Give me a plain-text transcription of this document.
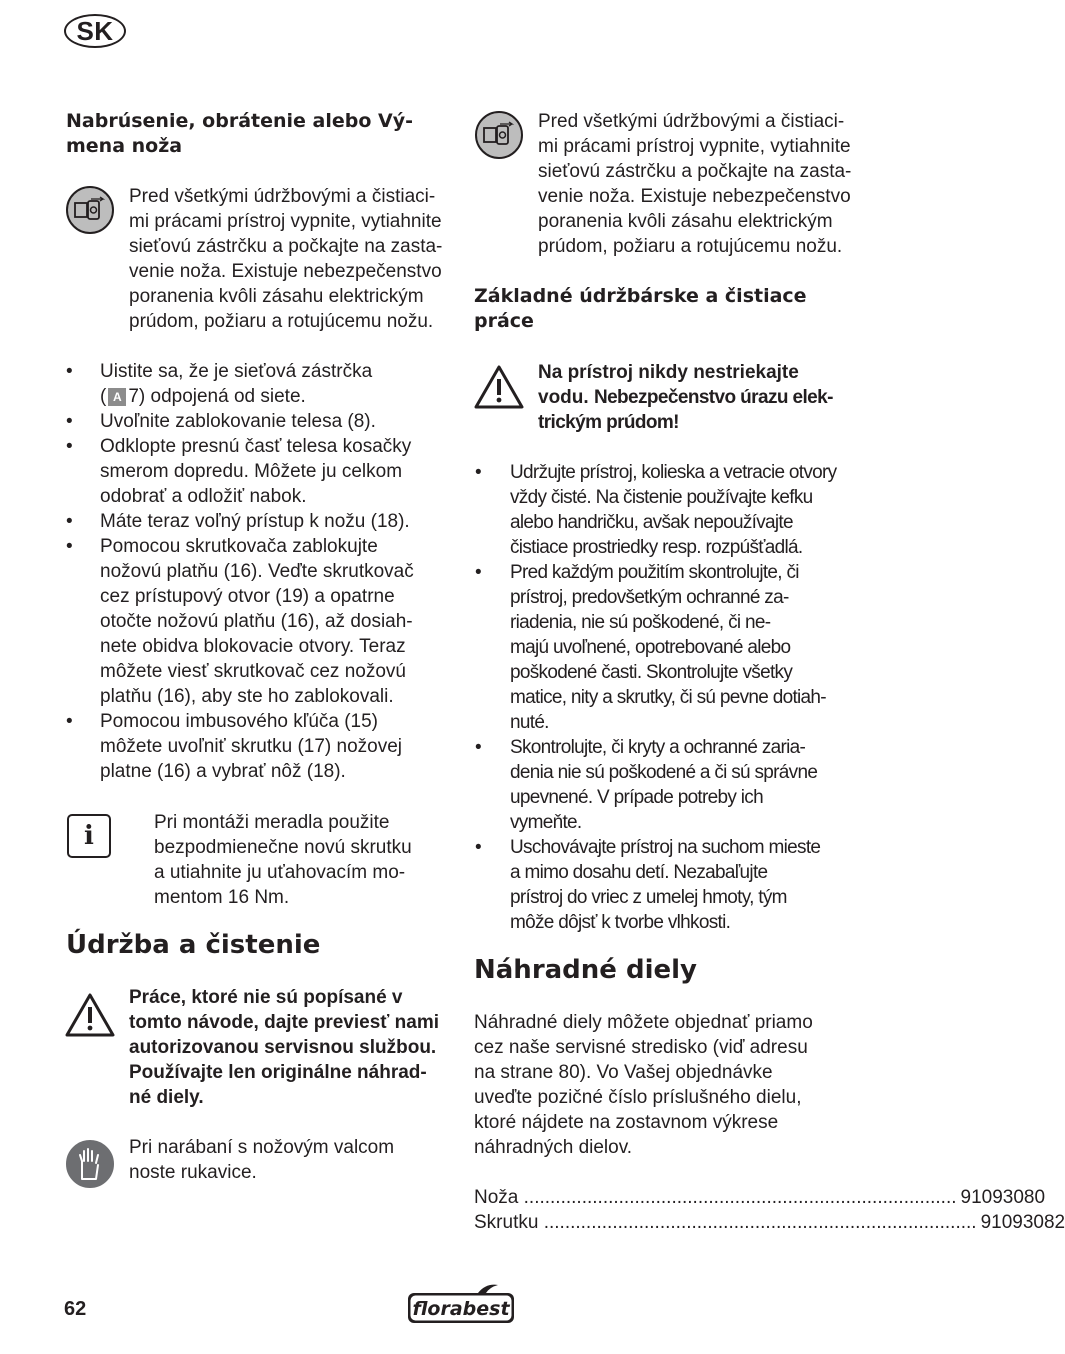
SK
Nabrúsenie, obrátenie alebo Vý-
mena noža
Pred všetkými údržbovými a čistiaci-
mi prácami prístroj vypnite, vytiahnite
sieťovú zástrčku a počkajte na zasta-
venie noža. Existuje nebezpečenstvo
poranenia kvôli zásahu elektrickým
prúdom, požiaru a rotujúcemu nožu.
•	Uistite sa, že je sieťová zástrčka
( A 7) odpojená od siete.
•	Uvoľnite zablokovanie telesa (8).
•	Odklopte presnú časť telesa kosačky
smerom dopredu. Môžete ju celkom
odobrať a odložiť nabok.
•	Máte teraz voľný prístup k nožu (18).
•	Pomocou skrutkovača zablokujte
nožovú platňu (16). Veďte skrutkovač
cez prístupový otvor (19) a opatrne
otočte nožovú platňu (16), až dosiah-
nete obidva blokovacie otvory. Teraz
môžete viesť skrutkovač cez nožovú
platňu (16), aby ste ho zablokovali.
•	Pomocou imbusového kľúča (15)
môžete uvoľniť skrutku (17) nožovej
platne (16) a vybrať nôž (18).
i	Pri montáži meradla použite
bezpodmienečne novú skrutku
a utiahnite ju uťahovacím mo-
mentom 16 Nm.
Údržba a čistenie
Práce, ktoré nie sú popísané v
tomto návode, dajte previesť nami
autorizovanou servisnou službou.
Používajte len originálne náhrad-
né diely.
Pri narábaní s nožovým valcom
noste rukavice.
Pred všetkými údržbovými a čistiaci-
mi prácami prístroj vypnite, vytiahnite
sieťovú zástrčku a počkajte na zasta-
venie noža. Existuje nebezpečenstvo
poranenia kvôli zásahu elektrickým
prúdom, požiaru a rotujúcemu nožu.
Základné údržbárske a čistiace
práce
Na prístroj nikdy nestriekajte
vodu. Nebezpečenstvo úrazu elek-
trickým prúdom!
•	Udržujte prístroj, kolieska a vetracie otvory
vždy čisté. Na čistenie používajte kefku
alebo handričku, avšak nepoužívajte
čistiace prostriedky resp. rozpúšťadlá.
•	Pred každým použitím skontrolujte, či
prístroj, predovšetkým ochranné za-
riadenia, nie sú poškodené, či ne-
majú uvoľnené, opotrebované alebo
poškodené časti. Skontrolujte všetky
matice, nity a skrutky, či sú pevne dotiah-
nuté.
•	Skontrolujte, či kryty a ochranné zaria-
denia nie sú poškodené a či sú správne
upevnené. V prípade potreby ich
vymeňte.
•	Uschovávajte prístroj na suchom mieste
a mimo dosahu detí. Nezabaľujte
prístroj do vriec z umelej hmoty, tým
môže dôjsť k tvorbe vlhkosti.
Náhradné diely
Náhradné diely môžete objednať priamo
cez naše servisné stredisko (viď adresu
na strane 80). Vo Vašej objednávke
uveďte pozičné číslo príslušného dielu,
ktoré nájdete na zostavnom výkrese
náhradných dielov.
Noža .................................................................................. 91093080
Skrutku .................................................................................. 91093082
62	florabest
